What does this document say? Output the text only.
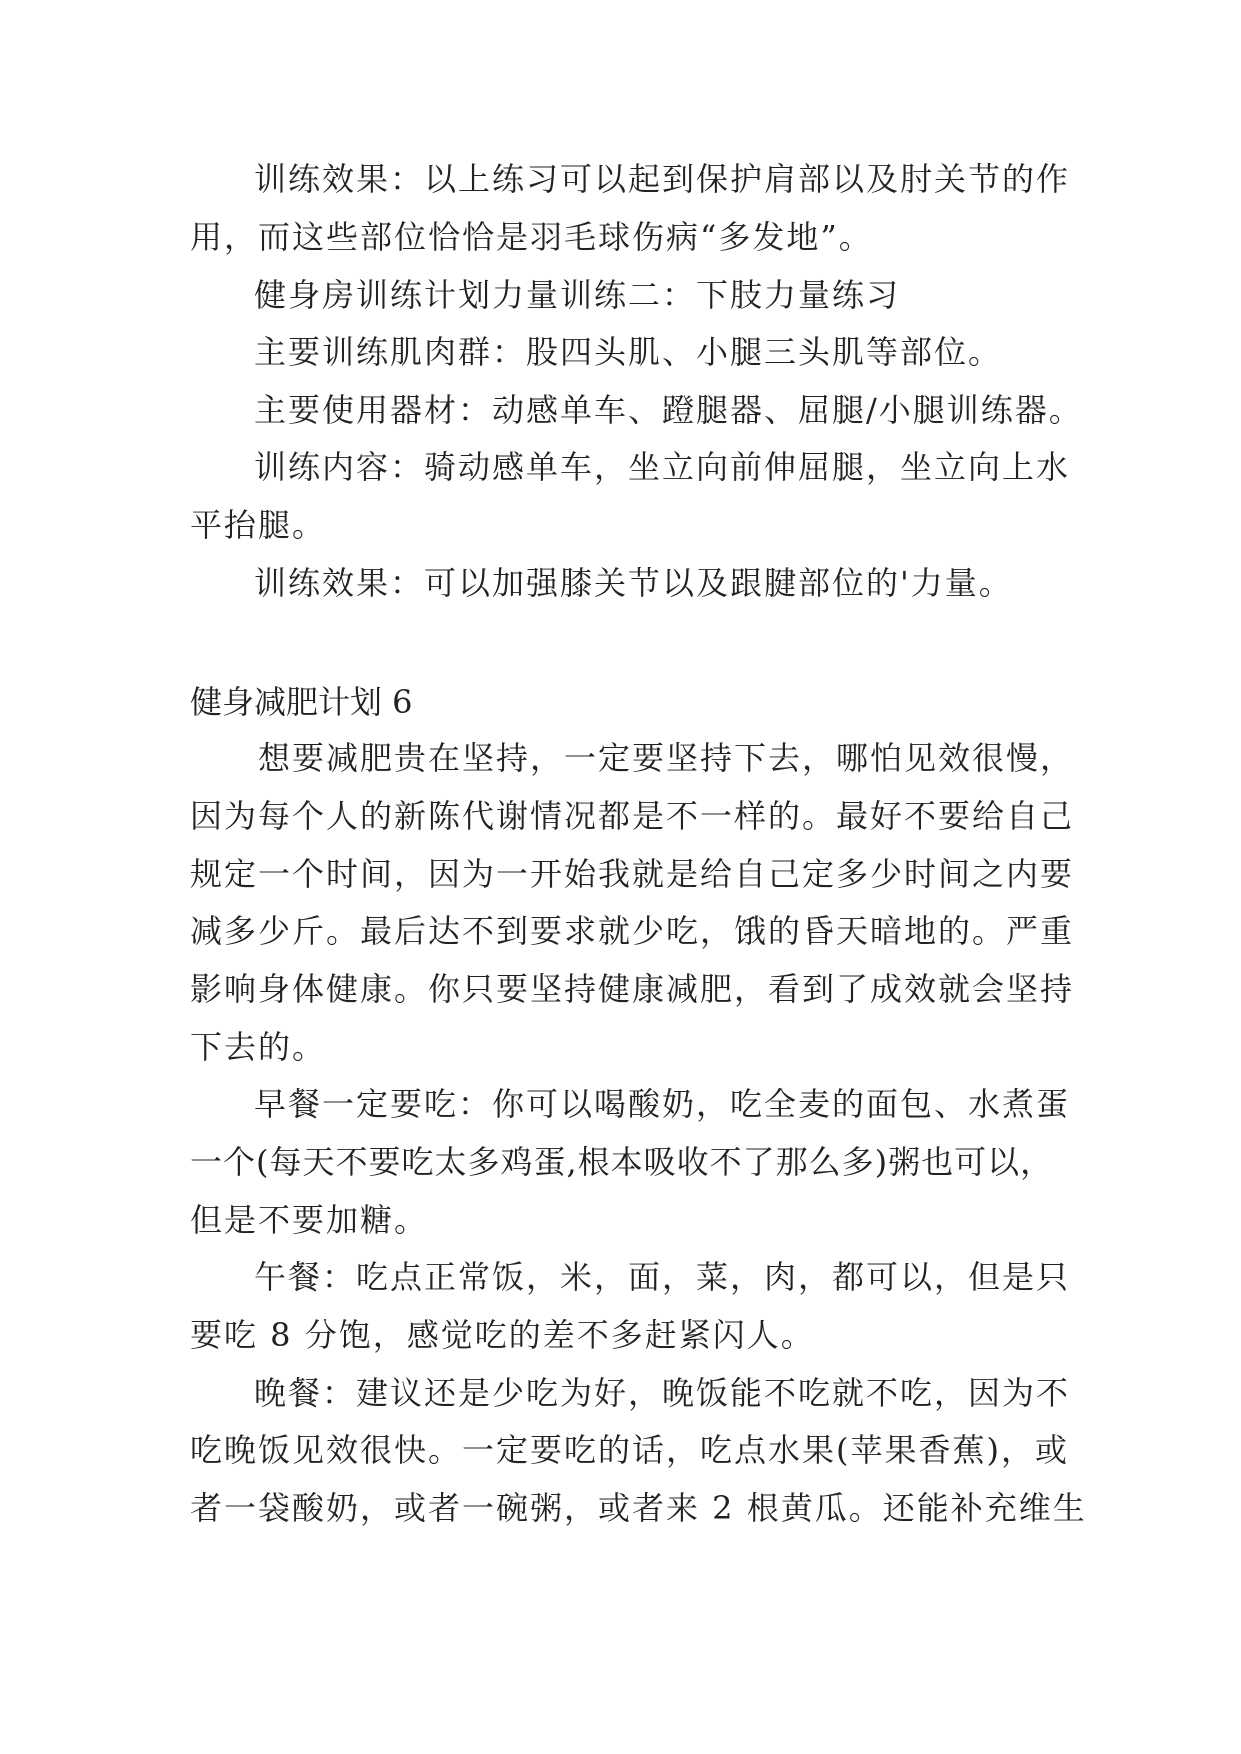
训练效果：以上练习可以起到保护肩部以及肘关节的作

用，而这些部位恰恰是羽毛球伤病“多发地”。

健身房训练计划力量训练二：下肢力量练习

主要训练肌肉群：股四头肌、小腿三头肌等部位。

主要使用器材：动感单车、蹬腿器、屈腿/小腿训练器。

训练内容：骑动感单车，坐立向前伸屈腿，坐立向上水

平抬腿。

训练效果：可以加强膝关节以及跟腱部位的'力量。

健身减肥计划 6

想要减肥贵在坚持，一定要坚持下去，哪怕见效很慢，

因为每个人的新陈代谢情况都是不一样的。最好不要给自己

规定一个时间，因为一开始我就是给自己定多少时间之内要

减多少斤。最后达不到要求就少吃，饿的昏天暗地的。严重

影响身体健康。你只要坚持健康减肥，看到了成效就会坚持

下去的。

早餐一定要吃：你可以喝酸奶，吃全麦的面包、水煮蛋

一个(每天不要吃太多鸡蛋,根本吸收不了那么多)粥也可以，

但是不要加糖。

午餐：吃点正常饭，米，面，菜，肉，都可以，但是只

要吃 8 分饱，感觉吃的差不多赶紧闪人。

晚餐：建议还是少吃为好，晚饭能不吃就不吃，因为不

吃晚饭见效很快。一定要吃的话，吃点水果(苹果香蕉)，或

者一袋酸奶，或者一碗粥，或者来 2 根黄瓜。还能补充维生
